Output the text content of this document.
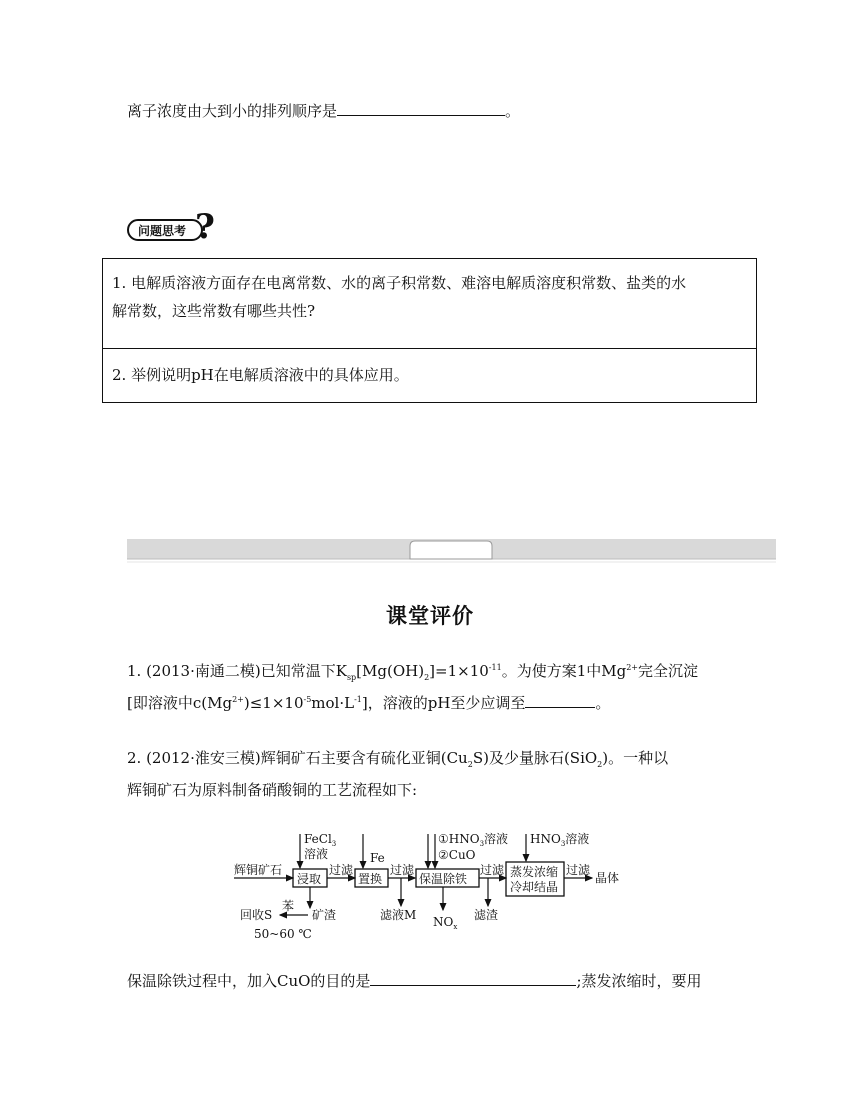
离子浓度由大到小的排列顺序是	。
问题思考 ?
1. 电解质溶液方面存在电离常数、水的离子积常数、难溶电解质溶度积常数、盐类的水
解常数，这些常数有哪些共性?
2. 举例说明pH在电解质溶液中的具体应用。
课堂评价
1. (2013·南通二模)已知常温下$K_{sp}[Mg(OH)_2]=1\times 10^{-11}$。为使方案1中$Mg^{2+}$完全沉淀
[即溶液中$c(Mg^{2+})\le 1\times 10^{-5}mol\cdot L^{-1}$]，溶液的pH至少应调至	。
2. (2012·淮安三模)辉铜矿石主要含有硫化亚铜$(Cu_2S)$及少量脉石(SiO$_2$)。一种以
辉铜矿石为原料制备硝酸铜的工艺流程如下:
辉铜矿石
FeCl$_3$
溶液
浸取
过滤
矿渣
苯
回收S
50~60 ℃
Fe
置换
过滤
滤液M
$①HNO_3$溶液
②CuO
保温除铁
$NO_x$
过滤
滤渣
$HNO_3$溶液
蒸发浓缩
冷却结晶
过滤
晶体
保温除铁过程中，加入CuO的目的是	;蒸发浓缩时，要用
